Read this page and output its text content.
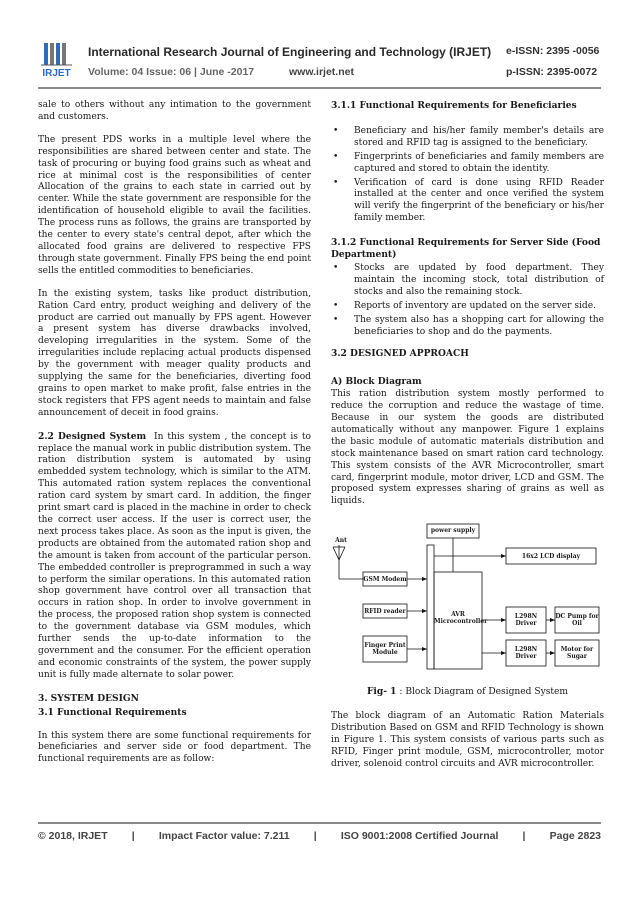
IRJET
International Research Journal of Engineering and Technology (IRJET) e-ISSN: 2395 -0056
Volume: 04 Issue: 06 | June -2017	www.irjet.net	p-ISSN: 2395-0072

sale to others without any intimation to the government and customers.

The present PDS works in a multiple level where the responsibilities are shared between center and state. The task of procuring or buying food grains such as wheat and rice at minimal cost is the responsibilities of center Allocation of the grains to each state in carried out by center. While the state government are responsible for the identification of household eligible to avail the facilities. The process runs as follows, the grains are transported by the center to every state's central depot, after which the allocated food grains are delivered to respective FPS through state government. Finally FPS being the end point sells the entitled commodities to beneficiaries.

In the existing system, tasks like product distribution, Ration Card entry, product weighing and delivery of the product are carried out manually by FPS agent. However a present system has diverse drawbacks involved, developing irregularities in the system. Some of the irregularities include replacing actual products dispensed by the government with meager quality products and supplying the same for the beneficiaries, diverting food grains to open market to make profit, false entries in the stock registers that FPS agent needs to maintain and false announcement of deceit in food grains.

2.2 Designed System In this system , the concept is to replace the manual work in public distribution system. The ration distribution system is automated by using embedded system technology, which is similar to the ATM. This automated ration system replaces the conventional ration card system by smart card. In addition, the finger print smart card is placed in the machine in order to check the correct user access. If the user is correct user, the next process takes place. As soon as the input is given, the products are obtained from the automated ration shop and the amount is taken from account of the particular person. The embedded controller is preprogrammed in such a way to perform the similar operations. In this automated ration shop government have control over all transaction that occurs in ration shop. In order to involve government in the process, the proposed ration shop system is connected to the government database via GSM modules, which further sends the up-to-date information to the government and the consumer. For the efficient operation and economic constraints of the system, the power supply unit is fully made alternate to solar power.

3. SYSTEM DESIGN
3.1 Functional Requirements

In this system there are some functional requirements for beneficiaries and server side or food department. The functional requirements are as follow:

3.1.1 Functional Requirements for Beneficiaries
• Beneficiary and his/her family member's details are stored and RFID tag is assigned to the beneficiary.
• Fingerprints of beneficiaries and family members are captured and stored to obtain the identity.
• Verification of card is done using RFID Reader installed at the center and once verified the system will verify the fingerprint of the beneficiary or his/her family member.
3.1.2 Functional Requirements for Server Side (Food Department)
• Stocks are updated by food department. They maintain the incoming stock, total distribution of stocks and also the remaining stock.
• Reports of inventory are updated on the server side.
• The system also has a shopping cart for allowing the beneficiaries to shop and do the payments.
3.2 DESIGNED APPROACH
A) Block Diagram

This ration distribution system mostly performed to reduce the corruption and reduce the wastage of time. Because in our system the goods are distributed automatically without any manpower. Figure 1 explains the basic module of automatic materials distribution and stock maintenance based on smart ration card technology. This system consists of the AVR Microcontroller, smart card, fingerprint module, motor driver, LCD and GSM. The proposed system expresses sharing of grains as well as liquids.

power supply
Ant
16x2 LCD display
GSM Modem
RFID reader	AVR Microcontroller
Finger Print Module
L298N Driver
L298N Driver
DC Pump for Oil
Motor for Sugar
Fig- 1 : Block Diagram of Designed System

The block diagram of an Automatic Ration Materials Distribution Based on GSM and RFID Technology is shown in Figure 1. This system consists of various parts such as RFID, Finger print module, GSM, microcontroller, motor driver, solenoid control circuits and AVR microcontroller.

© 2018, IRJET | Impact Factor value: 7.211 | ISO 9001:2008 Certified Journal | Page 2823
